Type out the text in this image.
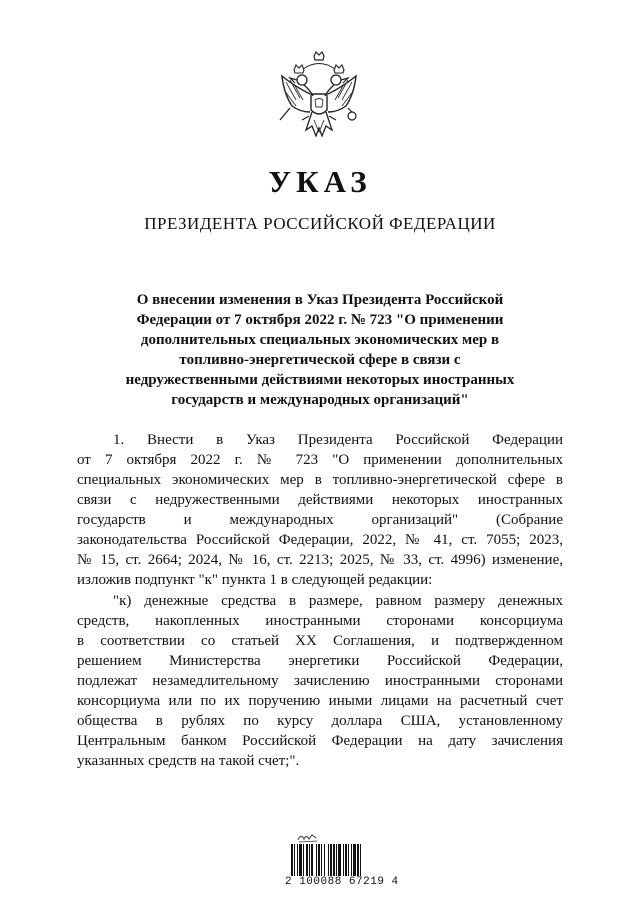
УКАЗ
ПРЕЗИДЕНТА РОССИЙСКОЙ ФЕДЕРАЦИИ
О внесении изменения в Указ Президента Российской
Федерации от 7 октября 2022 г. № 723 "О применении
дополнительных специальных экономических мер в
топливно-энергетической сфере в связи с
недружественными действиями некоторых иностранных
государств и международных организаций"

1. Внести в Указ Президента Российской Федерации
от 7 октября 2022 г. № 723 "О применении дополнительных
специальных экономических мер в топливно-энергетической сфере в
связи с недружественными действиями некоторых иностранных
государств и международных организаций" (Собрание
законодательства Российской Федерации, 2022, № 41, ст. 7055; 2023,
№ 15, ст. 2664; 2024, № 16, ст. 2213; 2025, № 33, ст. 4996) изменение,
изложив подпункт "к" пункта 1 в следующей редакции:

"к) денежные средства в размере, равном размеру денежных
средств, накопленных иностранными сторонами консорциума
в соответствии со статьей XX Соглашения, и подтвержденном
решением Министерства энергетики Российской Федерации,
подлежат незамедлительному зачислению иностранными сторонами
консорциума или по их поручению иными лицами на расчетный счет
общества в рублях по курсу доллара США, установленному
Центральным банком Российской Федерации на дату зачисления
указанных средств на такой счет;".

2 100088 67219 4
